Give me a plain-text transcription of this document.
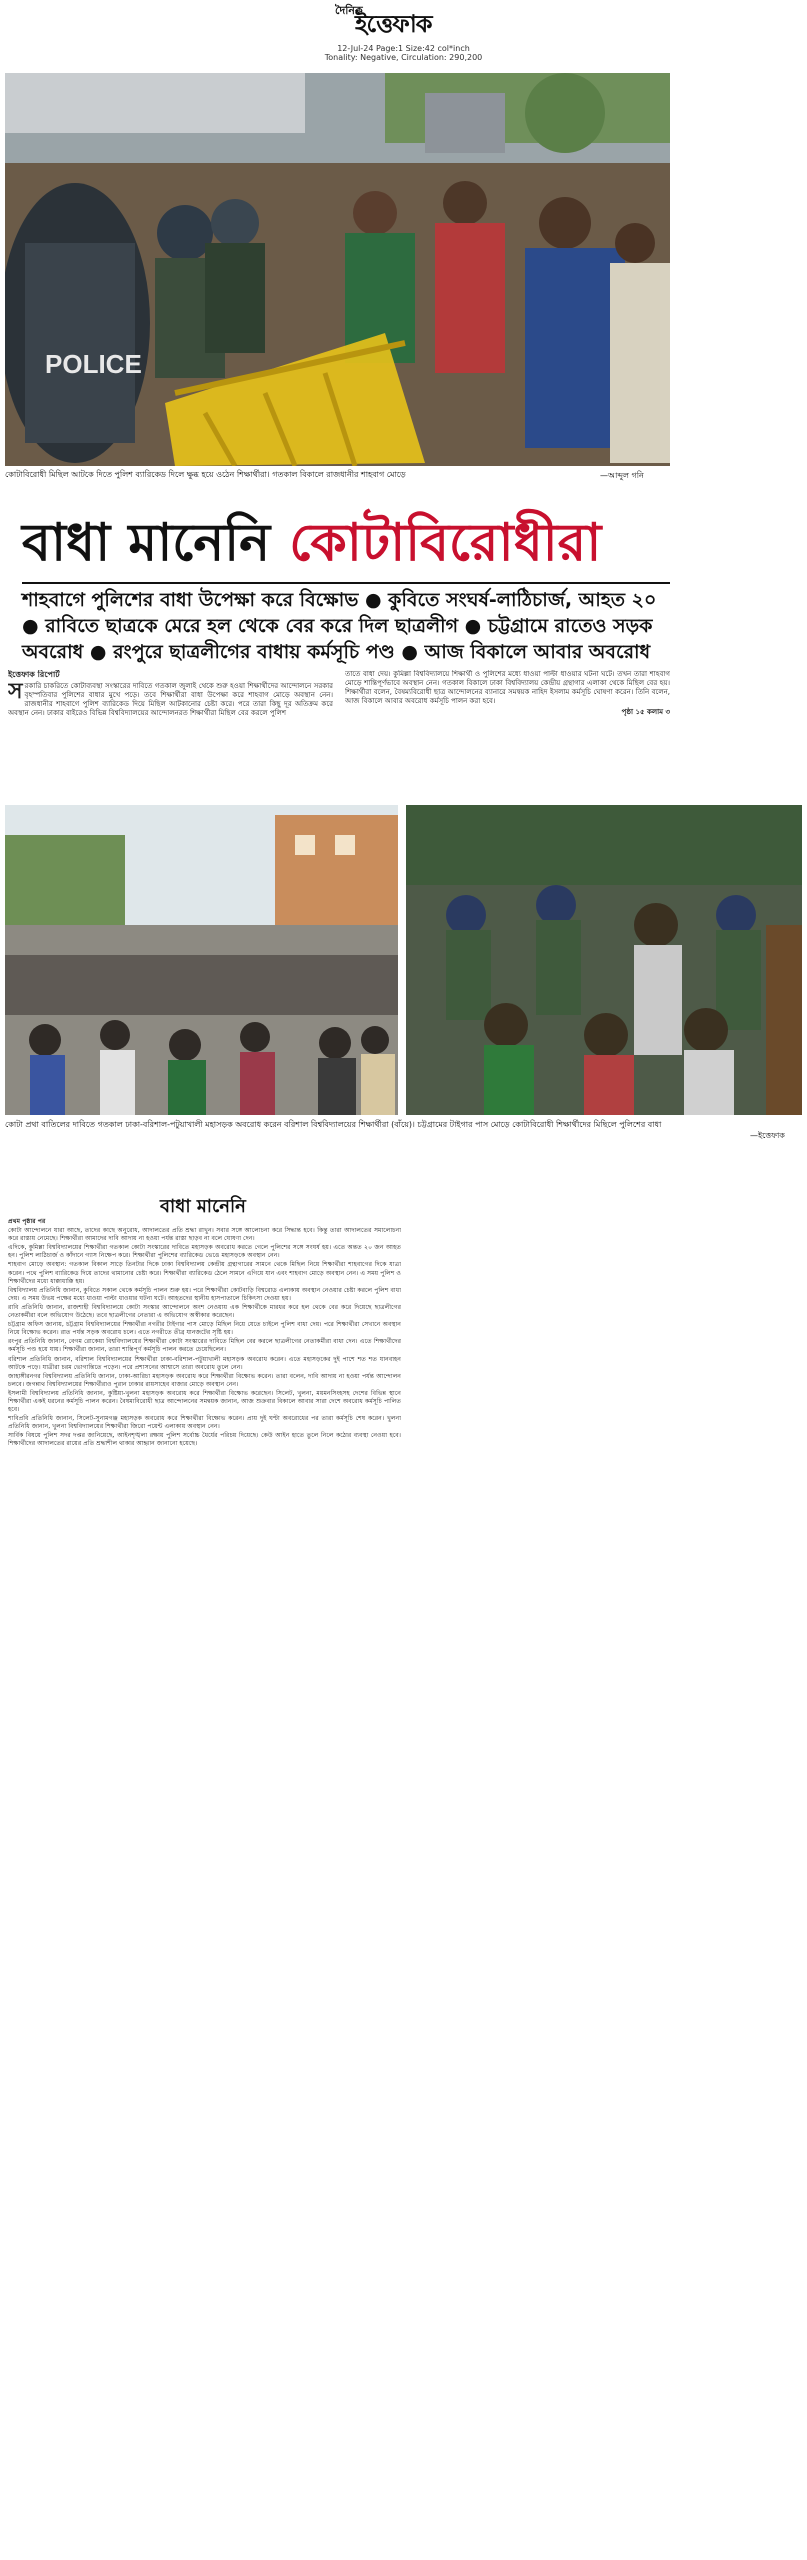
দৈনিক
ইত্তেফাক
12-Jul-24 Page:1 Size:42 col*inch
Tonality: Negative, Circulation: 290,200
POLICE
কোটাবিরোধী মিছিল আটকে দিতে পুলিশ ব্যারিকেড দিলে ক্ষুব্ধ হয়ে ওঠেন শিক্ষার্থীরা। গতকাল বিকালে রাজধানীর শাহবাগ মোড়ে	—আব্দুল গনি
বাধা মানেনি কোটাবিরোধীরা
শাহবাগে পুলিশের বাধা উপেক্ষা করে বিক্ষোভ ● কুবিতে সংঘর্ষ-লাঠিচার্জ, আহত ২০
● রাবিতে ছাত্রকে মেরে হল থেকে বের করে দিল ছাত্রলীগ ● চট্টগ্রামে রাতেও সড়ক
অবরোধ ● রংপুরে ছাত্রলীগের বাধায় কর্মসূচি পণ্ড ● আজ বিকালে আবার অবরোধ

ইত্তেফাক রিপোর্ট

সরকারি চাকরিতে কোটাব্যবস্থা সংস্কারের দাবিতে গতকাল জুলাই থেকে শুরু হওয়া শিক্ষার্থীদের আন্দোলনে সরকার বৃহস্পতিবার পুলিশের বাধার মুখে পড়ে। তবে শিক্ষার্থীরা বাধা উপেক্ষা করে শাহবাগ মোড়ে অবস্থান নেন। রাজধানীর শাহবাগে পুলিশ ব্যারিকেড দিয়ে মিছিল আটকানোর চেষ্টা করে। পরে তারা কিছু দূর অতিক্রম করে অবস্থান নেন। ঢাকার বাইরেও বিভিন্ন বিশ্ববিদ্যালয়ের আন্দোলনরত শিক্ষার্থীরা মিছিল বের করলে পুলিশ

তাতে বাধা দেয়। কুমিল্লা বিশ্ববিদ্যালয়ে শিক্ষার্থী ও পুলিশের মধ্যে ধাওয়া পাল্টা ধাওয়ার ঘটনা ঘটে। তখন তারা শাহবাগ মোড়ে শান্তিপূর্ণভাবে অবস্থান নেন। গতকাল বিকালে ঢাকা বিশ্ববিদ্যালয় কেন্দ্রীয় গ্রন্থাগার এলাকা থেকে মিছিল বের হয়। শিক্ষার্থীরা বলেন, বৈষম্যবিরোধী ছাত্র আন্দোলনের ব্যানারে সমন্বয়ক নাহিদ ইসলাম কর্মসূচি ঘোষণা করেন। তিনি বলেন, আজ বিকালে আবার অবরোধ কর্মসূচি পালন করা হবে।

পৃষ্ঠা ১৫ কলাম ৩

কোটা প্রথা বাতিলের দাবিতে গতকাল ঢাকা-বরিশাল-পটুয়াখালী মহাসড়ক অবরোধ করেন বরিশাল বিশ্ববিদ্যালয়ের শিক্ষার্থীরা (বাঁয়ে)। চট্টগ্রামের টাইগার পাস মোড়ে কোটাবিরোধী শিক্ষার্থীদের মিছিলে পুলিশের বাধা
—ইত্তেফাক
বাধা মানেনি

প্রথম পৃষ্ঠার পর

কোটা আন্দোলনে যারা আছে, তাদের কাছে অনুরোধ, আদালতের প্রতি শ্রদ্ধা রাখুন। সবার সঙ্গে আলোচনা করে সিদ্ধান্ত হবে। কিন্তু তারা আদালতের সমালোচনা করে রাস্তায় নেমেছে। শিক্ষার্থীরা আমাদের দাবি আদায় না হওয়া পর্যন্ত রাস্তা ছাড়ব না বলে ঘোষণা দেন।

এদিকে, কুমিল্লা বিশ্ববিদ্যালয়ের শিক্ষার্থীরা গতকাল কোটা সংস্কারের দাবিতে মহাসড়ক অবরোধ করতে গেলে পুলিশের সঙ্গে সংঘর্ষ হয়। এতে অন্তত ২০ জন আহত হন। পুলিশ লাঠিচার্জ ও কাঁদানে গ্যাস নিক্ষেপ করে। শিক্ষার্থীরা পুলিশের ব্যারিকেড ভেঙে মহাসড়কে অবস্থান নেন।

শাহবাগ মোড়ে অবস্থান: গতকাল বিকাল সাড়ে তিনটার দিকে ঢাকা বিশ্ববিদ্যালয় কেন্দ্রীয় গ্রন্থাগারের সামনে থেকে মিছিল নিয়ে শিক্ষার্থীরা শাহবাগের দিকে যাত্রা করেন। পথে পুলিশ ব্যারিকেড দিয়ে তাদের থামানোর চেষ্টা করে। শিক্ষার্থীরা ব্যারিকেড ঠেলে সামনে এগিয়ে যান এবং শাহবাগ মোড়ে অবস্থান নেন। এ সময় পুলিশ ও শিক্ষার্থীদের মধ্যে ধাক্কাধাক্কি হয়।

বিশ্ববিদ্যালয় প্রতিনিধি জানান, কুবিতে সকাল থেকে কর্মসূচি পালন শুরু হয়। পরে শিক্ষার্থীরা কোটবাড়ি বিশ্বরোড এলাকায় অবস্থান নেওয়ার চেষ্টা করলে পুলিশ বাধা দেয়। এ সময় উভয় পক্ষের মধ্যে ধাওয়া পাল্টা ধাওয়ার ঘটনা ঘটে। আহতদের স্থানীয় হাসপাতালে চিকিৎসা দেওয়া হয়।

রাবি প্রতিনিধি জানান, রাজশাহী বিশ্ববিদ্যালয়ে কোটা সংস্কার আন্দোলনে অংশ নেওয়ায় এক শিক্ষার্থীকে মারধর করে হল থেকে বের করে দিয়েছে ছাত্রলীগের নেতাকর্মীরা বলে অভিযোগ উঠেছে। তবে ছাত্রলীগের নেতারা এ অভিযোগ অস্বীকার করেছেন।

চট্টগ্রাম অফিস জানায়, চট্টগ্রাম বিশ্ববিদ্যালয়ের শিক্ষার্থীরা নগরীর টাইগার পাস মোড়ে মিছিল নিয়ে যেতে চাইলে পুলিশ বাধা দেয়। পরে শিক্ষার্থীরা সেখানে অবস্থান নিয়ে বিক্ষোভ করেন। রাত পর্যন্ত সড়ক অবরোধ চলে। এতে নগরীতে তীব্র যানজটের সৃষ্টি হয়।

রংপুর প্রতিনিধি জানান, বেগম রোকেয়া বিশ্ববিদ্যালয়ের শিক্ষার্থীরা কোটা সংস্কারের দাবিতে মিছিল বের করলে ছাত্রলীগের নেতাকর্মীরা বাধা দেন। এতে শিক্ষার্থীদের কর্মসূচি পণ্ড হয়ে যায়। শিক্ষার্থীরা জানান, তারা শান্তিপূর্ণ কর্মসূচি পালন করতে চেয়েছিলেন।

বরিশাল প্রতিনিধি জানান, বরিশাল বিশ্ববিদ্যালয়ের শিক্ষার্থীরা ঢাকা-বরিশাল-পটুয়াখালী মহাসড়ক অবরোধ করেন। এতে মহাসড়কের দুই পাশে শত শত যানবাহন আটকে পড়ে। যাত্রীরা চরম ভোগান্তিতে পড়েন। পরে প্রশাসনের আশ্বাসে তারা অবরোধ তুলে নেন।

জাহাঙ্গীরনগর বিশ্ববিদ্যালয় প্রতিনিধি জানান, ঢাকা-আরিচা মহাসড়ক অবরোধ করে শিক্ষার্থীরা বিক্ষোভ করেন। তারা বলেন, দাবি আদায় না হওয়া পর্যন্ত আন্দোলন চলবে। জগন্নাথ বিশ্ববিদ্যালয়ের শিক্ষার্থীরাও পুরান ঢাকার রায়সাহেব বাজার মোড়ে অবস্থান নেন।

ইসলামী বিশ্ববিদ্যালয় প্রতিনিধি জানান, কুষ্টিয়া-খুলনা মহাসড়ক অবরোধ করে শিক্ষার্থীরা বিক্ষোভ করেছেন। সিলেট, খুলনা, ময়মনসিংহসহ দেশের বিভিন্ন স্থানে শিক্ষার্থীরা একই ধরনের কর্মসূচি পালন করেন। বৈষম্যবিরোধী ছাত্র আন্দোলনের সমন্বয়ক জানান, আজ শুক্রবার বিকালে আবার সারা দেশে অবরোধ কর্মসূচি পালিত হবে।

শাবিপ্রবি প্রতিনিধি জানান, সিলেট-সুনামগঞ্জ মহাসড়ক অবরোধ করে শিক্ষার্থীরা বিক্ষোভ করেন। প্রায় দুই ঘণ্টা অবরোধের পর তারা কর্মসূচি শেষ করেন। খুলনা প্রতিনিধি জানান, খুলনা বিশ্ববিদ্যালয়ের শিক্ষার্থীরা জিরো পয়েন্ট এলাকায় অবস্থান নেন।

সার্বিক বিষয়ে পুলিশ সদর দপ্তর জানিয়েছে, আইনশৃঙ্খলা রক্ষায় পুলিশ সর্বোচ্চ ধৈর্যের পরিচয় দিয়েছে। কেউ আইন হাতে তুলে নিলে কঠোর ব্যবস্থা নেওয়া হবে। শিক্ষার্থীদের আদালতের রায়ের প্রতি শ্রদ্ধাশীল থাকার আহ্বান জানানো হয়েছে।
